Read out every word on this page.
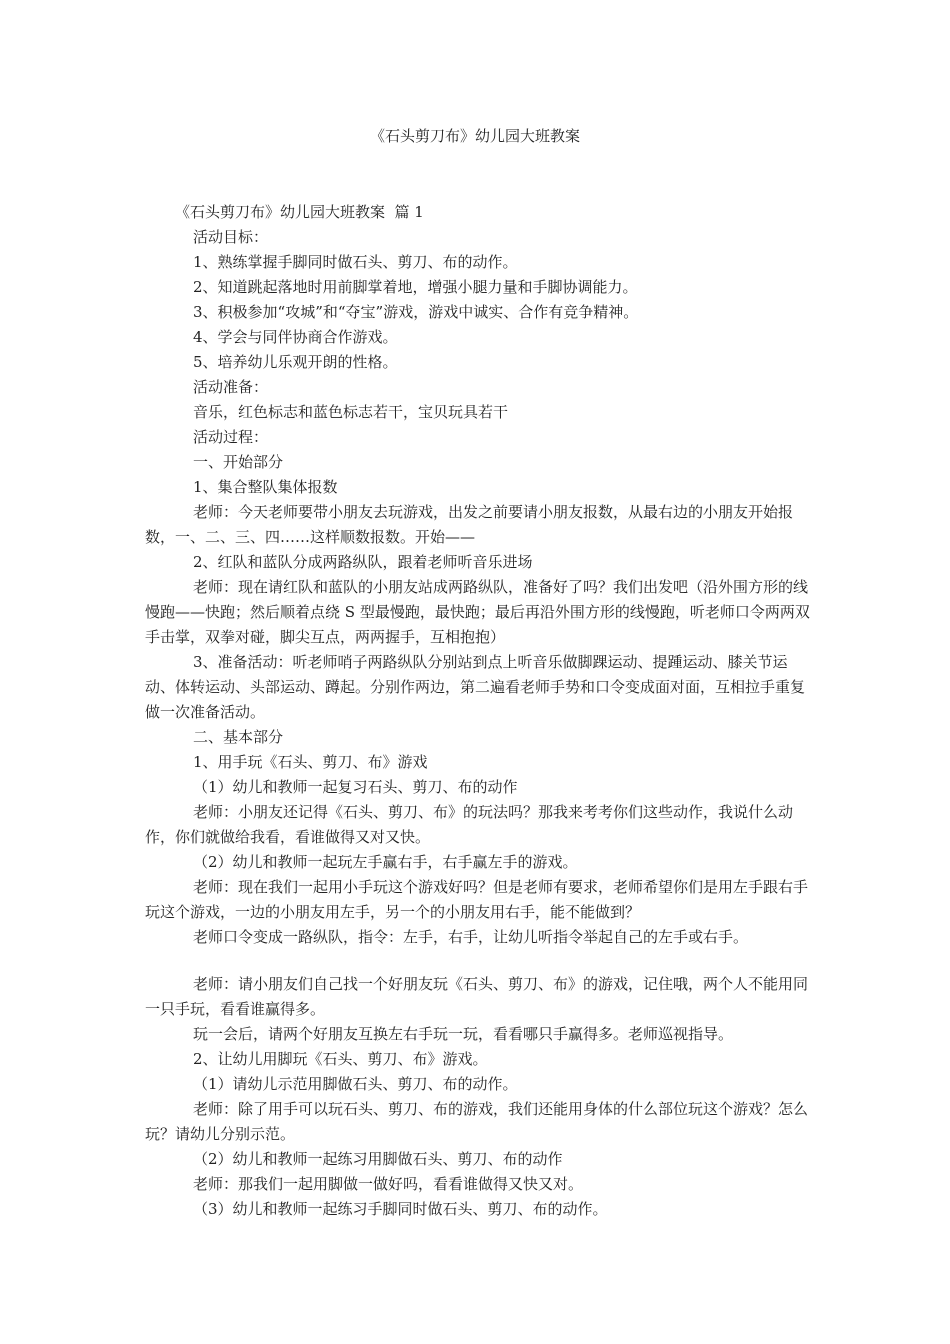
《石头剪刀布》幼儿园大班教案

《石头剪刀布》幼儿园大班教案  篇 1

活动目标：

1、熟练掌握手脚同时做石头、剪刀、布的动作。

2、知道跳起落地时用前脚掌着地，增强小腿力量和手脚协调能力。

3、积极参加“攻城”和“夺宝”游戏，游戏中诚实、合作有竞争精神。

4、学会与同伴协商合作游戏。

5、培养幼儿乐观开朗的性格。

活动准备：

音乐，红色标志和蓝色标志若干，宝贝玩具若干

活动过程：

一、开始部分

1、集合整队集体报数

老师：今天老师要带小朋友去玩游戏，出发之前要请小朋友报数，从最右边的小朋友开始报数，一、二、三、四……这样顺数报数。开始——

2、红队和蓝队分成两路纵队，跟着老师听音乐进场

老师：现在请红队和蓝队的小朋友站成两路纵队，准备好了吗？我们出发吧（沿外围方形的线慢跑——快跑；然后顺着点绕 S 型最慢跑，最快跑；最后再沿外围方形的线慢跑，听老师口令两两双手击掌，双拳对碰，脚尖互点，两两握手，互相抱抱）

3、准备活动：听老师哨子两路纵队分别站到点上听音乐做脚踝运动、提踵运动、膝关节运动、体转运动、头部运动、蹲起。分别作两边，第二遍看老师手势和口令变成面对面，互相拉手重复做一次准备活动。

二、基本部分

1、用手玩《石头、剪刀、布》游戏

（1）幼儿和教师一起复习石头、剪刀、布的动作

老师：小朋友还记得《石头、剪刀、布》的玩法吗？那我来考考你们这些动作，我说什么动作，你们就做给我看，看谁做得又对又快。

（2）幼儿和教师一起玩左手赢右手，右手赢左手的游戏。

老师：现在我们一起用小手玩这个游戏好吗？但是老师有要求，老师希望你们是用左手跟右手玩这个游戏，一边的小朋友用左手，另一个的小朋友用右手，能不能做到？

老师口令变成一路纵队，指令：左手，右手，让幼儿听指令举起自己的左手或右手。

老师：请小朋友们自己找一个好朋友玩《石头、剪刀、布》的游戏，记住哦，两个人不能用同一只手玩，看看谁赢得多。

玩一会后，请两个好朋友互换左右手玩一玩，看看哪只手赢得多。老师巡视指导。

2、让幼儿用脚玩《石头、剪刀、布》游戏。

（1）请幼儿示范用脚做石头、剪刀、布的动作。

老师：除了用手可以玩石头、剪刀、布的游戏，我们还能用身体的什么部位玩这个游戏？怎么玩？请幼儿分别示范。

（2）幼儿和教师一起练习用脚做石头、剪刀、布的动作

老师：那我们一起用脚做一做好吗，看看谁做得又快又对。

（3）幼儿和教师一起练习手脚同时做石头、剪刀、布的动作。
